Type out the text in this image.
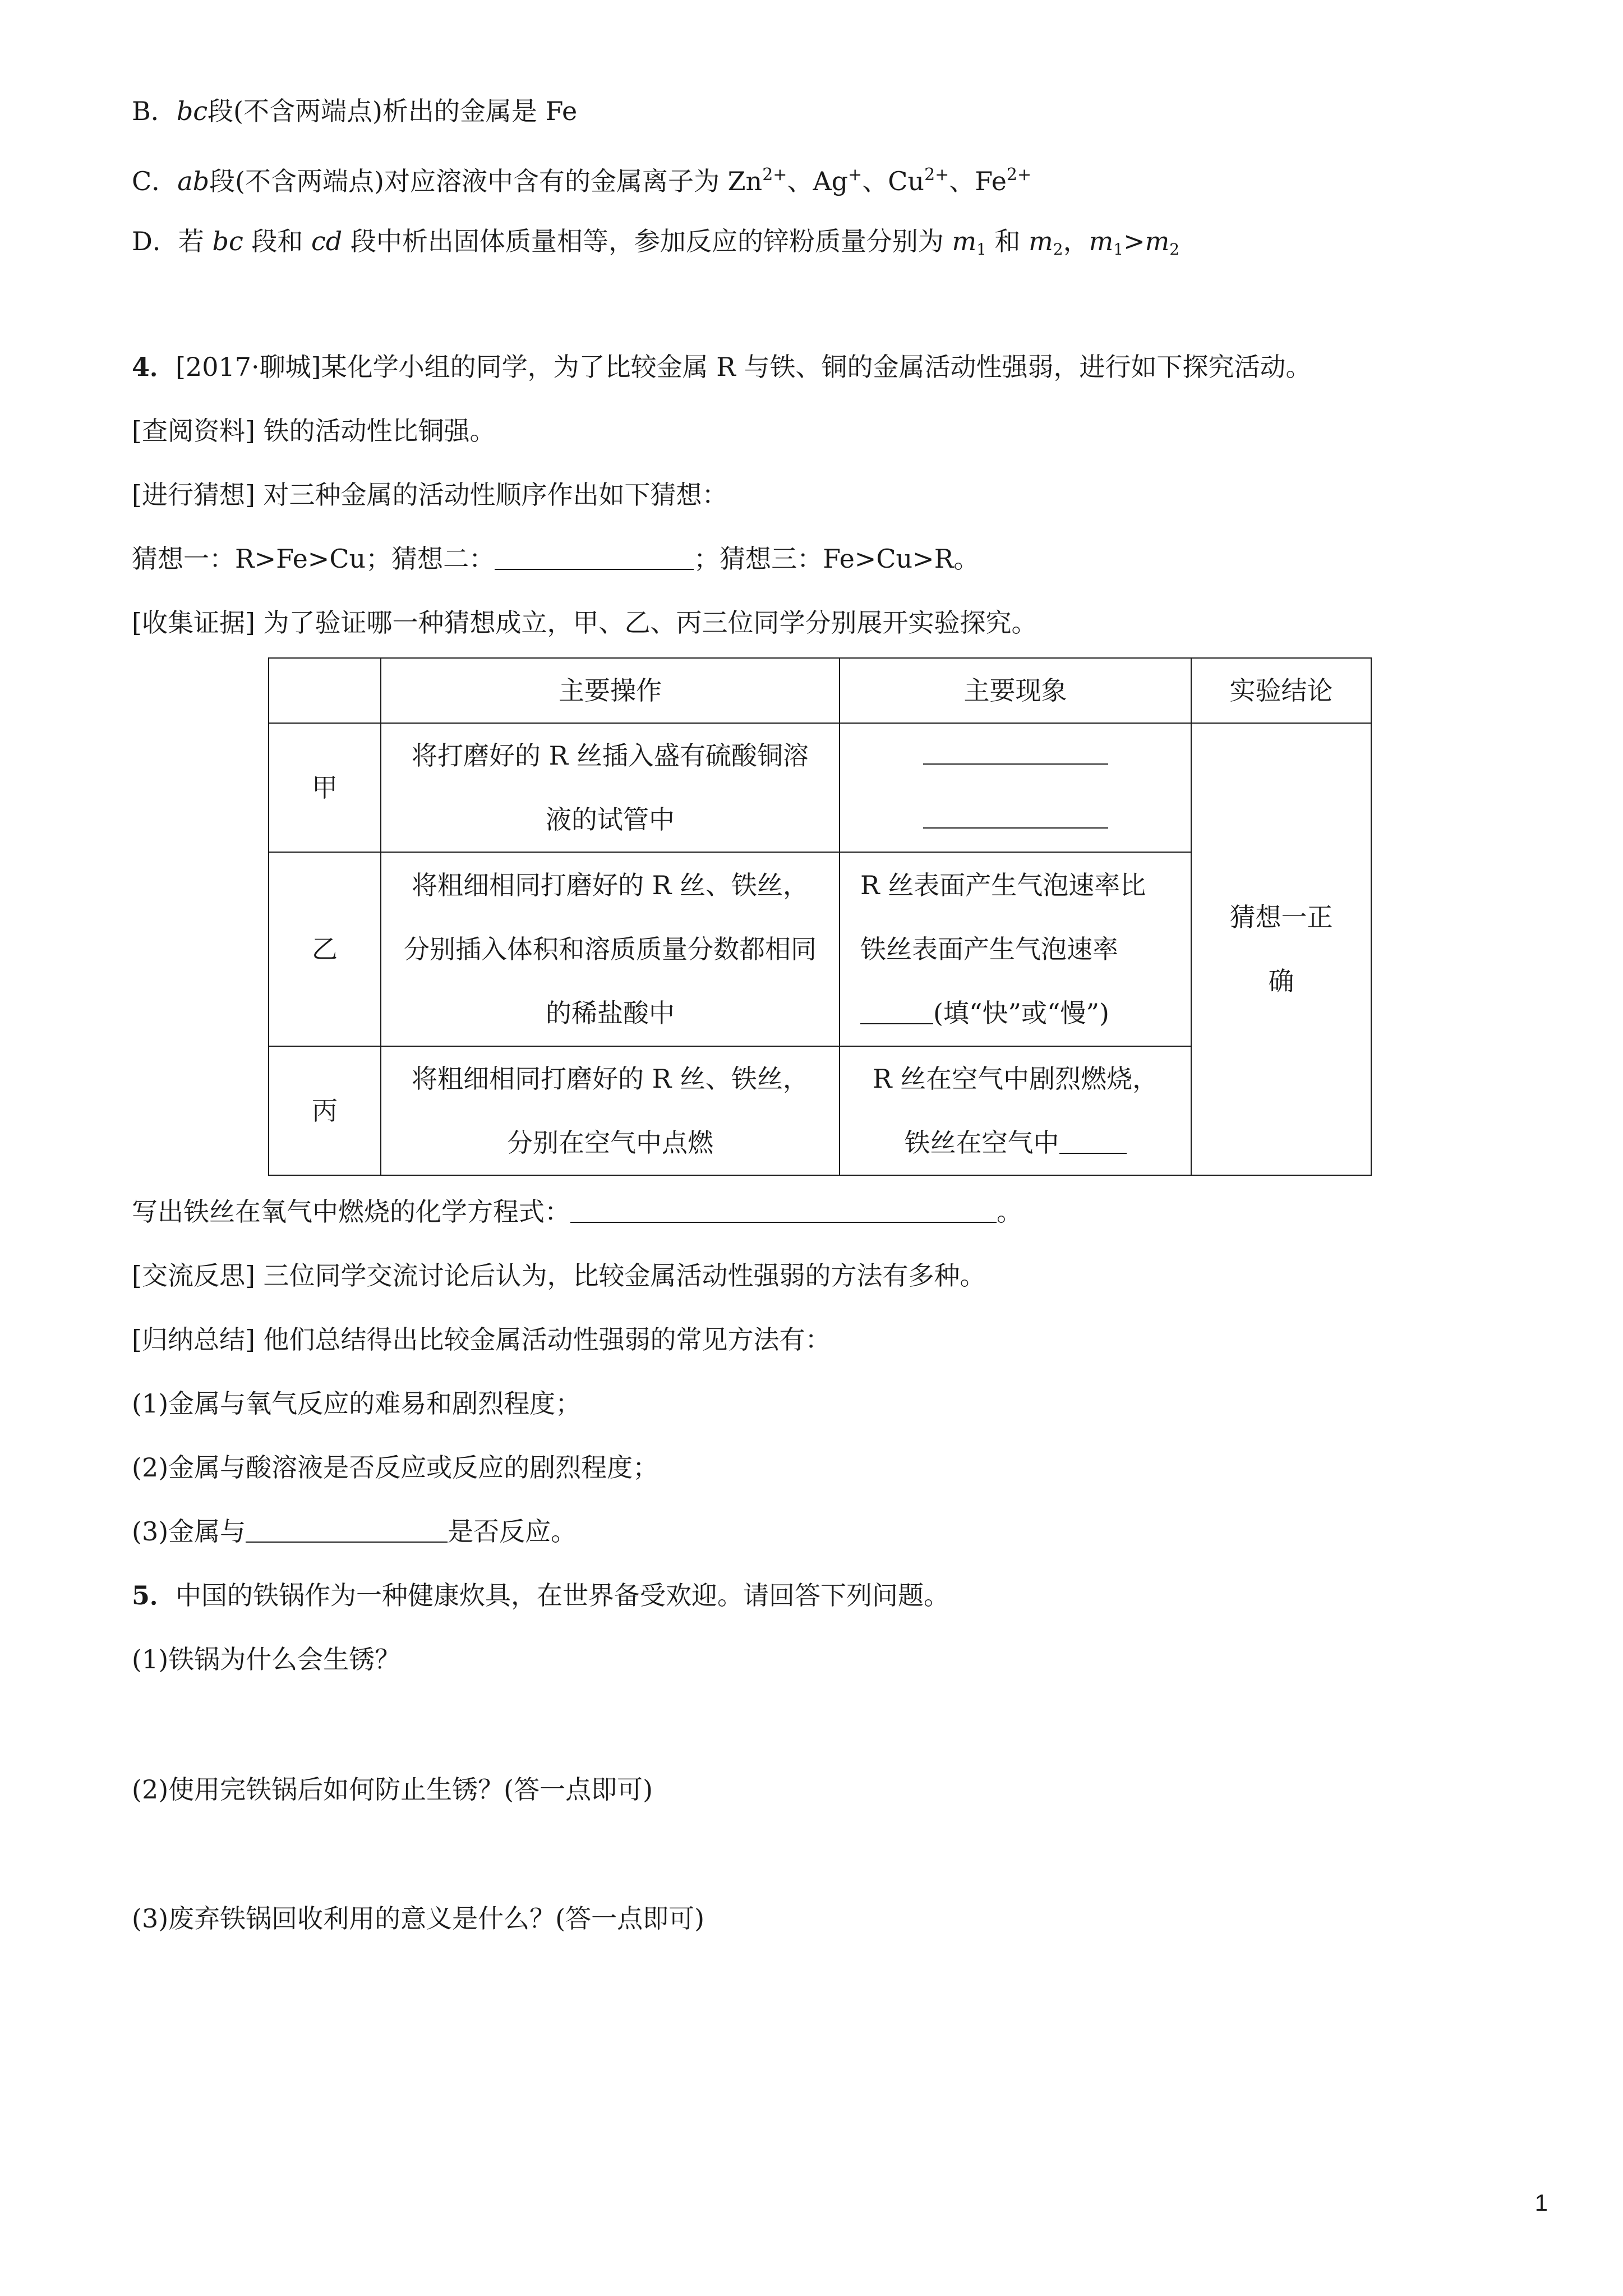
B．bc段(不含两端点)析出的金属是 Fe
C．ab段(不含两端点)对应溶液中含有的金属离子为 $Zn^{2+}$、Ag+、$Cu^{2+}$、$Fe^{2+}$
D．若 bc 段和 cd 段中析出固体质量相等，参加反应的锌粉质量分别为 $m_1$ 和 $m_2$，$m_1>m_2$
4．[2017·聊城]某化学小组的同学，为了比较金属 R 与铁、铜的金属活动性强弱，进行如下探究活动。
[查阅资料] 铁的活动性比铜强。
[进行猜想] 对三种金属的活动性顺序作出如下猜想：
猜想一：R>Fe>Cu；猜想二：	；猜想三：Fe>Cu>R。
[收集证据] 为了验证哪一种猜想成立，甲、乙、丙三位同学分别展开实验探究。
	主要操作	主要现象	实验结论
甲	将打磨好的 R 丝插入盛有硫酸铜溶液的试管中		猜想一正确
乙	将粗细相同打磨好的 R 丝、铁丝，分别插入体积和溶质质量分数都相同的稀盐酸中	R 丝表面产生气泡速率比铁丝表面产生气泡速率(填“快”或“慢”)	
丙	将粗细相同打磨好的 R 丝、铁丝，分别在空气中点燃	R 丝在空气中剧烈燃烧，
铁丝在空气中	
写出铁丝在氧气中燃烧的化学方程式：	。
[交流反思] 三位同学交流讨论后认为，比较金属活动性强弱的方法有多种。
[归纳总结] 他们总结得出比较金属活动性强弱的常见方法有：
(1)金属与氧气反应的难易和剧烈程度；
(2)金属与酸溶液是否反应或反应的剧烈程度；
(3)金属与	是否反应。
5．中国的铁锅作为一种健康炊具，在世界备受欢迎。请回答下列问题。
(1)铁锅为什么会生锈？
(2)使用完铁锅后如何防止生锈？(答一点即可)
(3)废弃铁锅回收利用的意义是什么？(答一点即可)
1
